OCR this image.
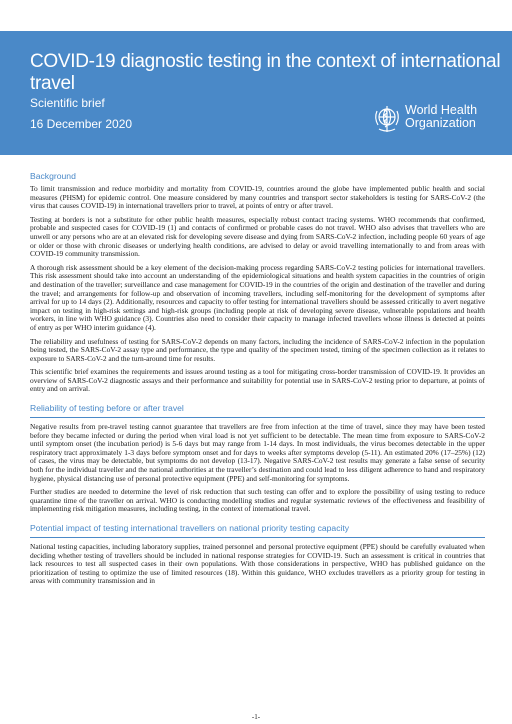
COVID-19 diagnostic testing in the context of international travel
Scientific brief
16 December 2020
World Health
Organization
Background

To limit transmission and reduce morbidity and mortality from COVID-19, countries around the globe have implemented public health and social measures (PHSM) for epidemic control. One measure considered by many countries and transport sector stakeholders is testing for SARS-CoV-2 (the virus that causes COVID-19) in international travellers prior to travel, at points of entry or after travel.

Testing at borders is not a substitute for other public health measures, especially robust contact tracing systems. WHO recommends that confirmed, probable and suspected cases for COVID-19 (1) and contacts of confirmed or probable cases do not travel. WHO also advises that travellers who are unwell or any persons who are at an elevated risk for developing severe disease and dying from SARS-CoV-2 infection, including people 60 years of age or older or those with chronic diseases or underlying health conditions, are advised to delay or avoid travelling internationally to and from areas with COVID-19 community transmission.

A thorough risk assessment should be a key element of the decision-making process regarding SARS-CoV-2 testing policies for international travellers. This risk assessment should take into account an understanding of the epidemiological situations and health system capacities in the countries of origin and destination of the traveller; surveillance and case management for COVID-19 in the countries of the origin and destination of the traveller and during the travel; and arrangements for follow-up and observation of incoming travellers, including self-monitoring for the development of symptoms after arrival for up to 14 days (2). Additionally, resources and capacity to offer testing for international travellers should be assessed critically to avert negative impact on testing in high-risk settings and high-risk groups (including people at risk of developing severe disease, vulnerable populations and health workers, in line with WHO guidance (3). Countries also need to consider their capacity to manage infected travellers whose illness is detected at points of entry as per WHO interim guidance (4).

The reliability and usefulness of testing for SARS-CoV-2 depends on many factors, including the incidence of SARS-CoV-2 infection in the population being tested, the SARS-CoV-2 assay type and performance, the type and quality of the specimen tested, timing of the specimen collection as it relates to exposure to SARS-CoV-2 and the turn-around time for results.

This scientific brief examines the requirements and issues around testing as a tool for mitigating cross-border transmission of COVID-19. It provides an overview of SARS-CoV-2 diagnostic assays and their performance and suitability for potential use in SARS-CoV-2 testing prior to departure, at points of entry and on arrival.

Reliability of testing before or after travel

Negative results from pre-travel testing cannot guarantee that travellers are free from infection at the time of travel, since they may have been tested before they became infected or during the period when viral load is not yet sufficient to be detectable. The mean time from exposure to SARS-CoV-2 until symptom onset (the incubation period) is 5-6 days but may range from 1-14 days. In most individuals, the virus becomes detectable in the upper respiratory tract approximately 1-3 days before symptom onset and for days to weeks after symptoms develop (5-11). An estimated 20% (17–25%) (12) of cases, the virus may be detectable, but symptoms do not develop (13-17). Negative SARS-CoV-2 test results may generate a false sense of security both for the individual traveller and the national authorities at the traveller’s destination and could lead to less diligent adherence to hand and respiratory hygiene, physical distancing use of personal protective equipment (PPE) and self-monitoring for symptoms.

Further studies are needed to determine the level of risk reduction that such testing can offer and to explore the possibility of using testing to reduce quarantine time of the traveller on arrival. WHO is conducting modelling studies and regular systematic reviews of the effectiveness and feasibility of implementing risk mitigation measures, including testing, in the context of international travel.

Potential impact of testing international travellers on national priority testing capacity

National testing capacities, including laboratory supplies, trained personnel and personal protective equipment (PPE) should be carefully evaluated when deciding whether testing of travellers should be included in national response strategies for COVID-19. Such an assessment is critical in countries that lack resources to test all suspected cases in their own populations. With those considerations in perspective, WHO has published guidance on the prioritization of testing to optimize the use of limited resources (18). Within this guidance, WHO excludes travellers as a priority group for testing in areas with community transmission and in

-1-
